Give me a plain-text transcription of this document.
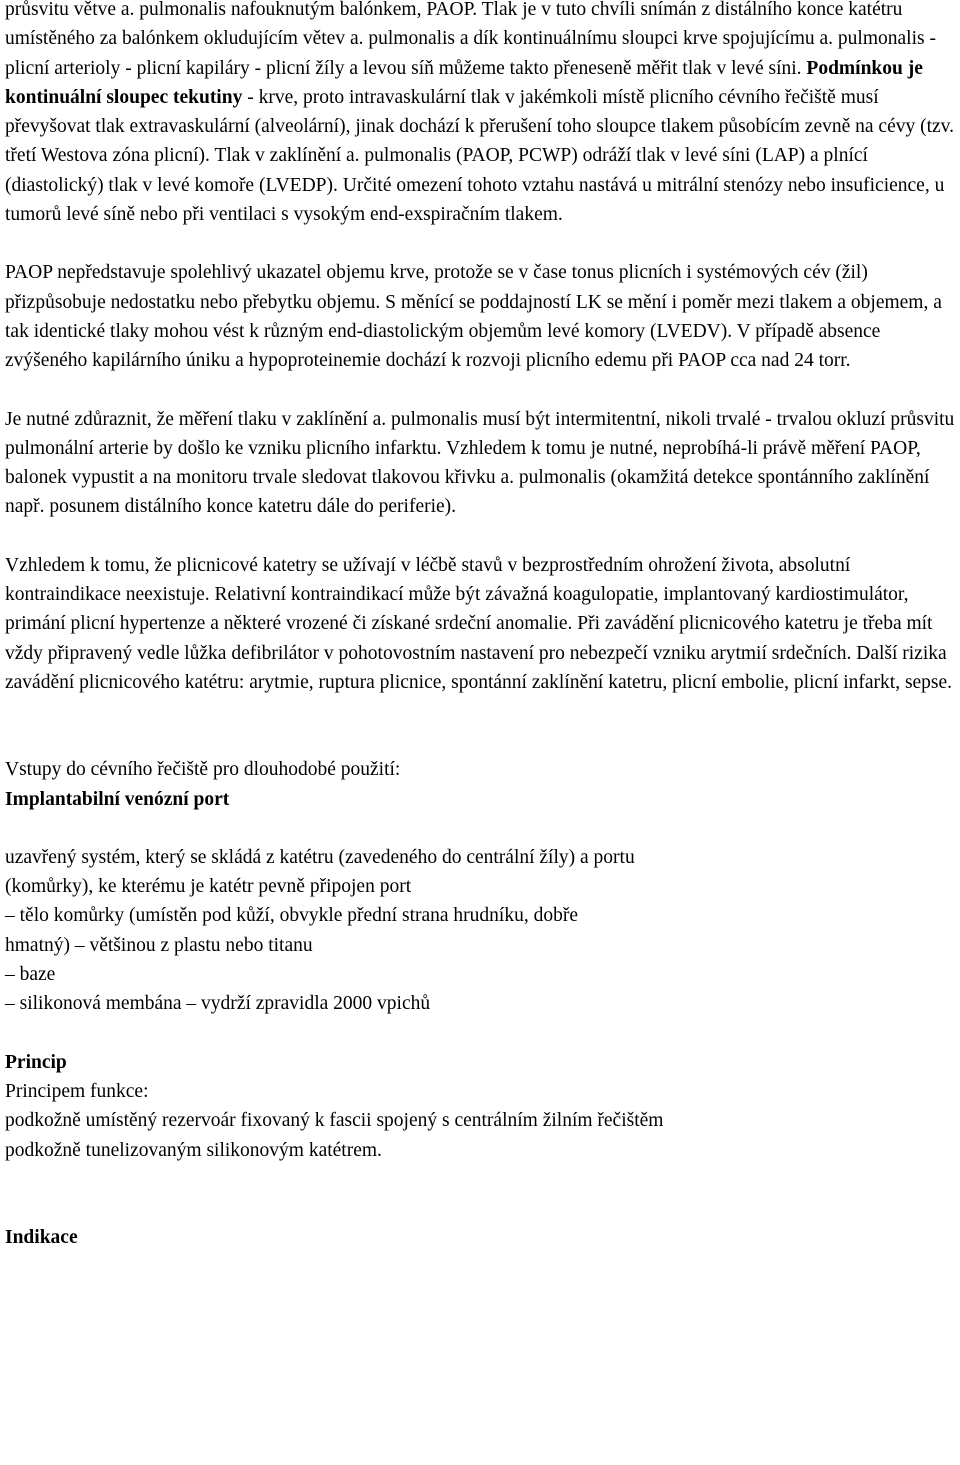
průsvitu větve a. pulmonalis nafouknutým balónkem, PAOP. Tlak je v tuto chvíli snímán z distálního konce katétru umístěného za balónkem okludujícím větev a. pulmonalis a dík kontinuálnímu sloupci krve spojujícímu a. pulmonalis - plicní arterioly - plicní kapiláry - plicní žíly a levou síň můžeme takto přeneseně měřit tlak v levé síni. Podmínkou je kontinuální sloupec tekutiny - krve, proto intravaskulární tlak v jakémkoli místě plicního cévního řečiště musí převyšovat tlak extravaskulární (alveolární), jinak dochází k přerušení toho sloupce tlakem působícím zevně na cévy (tzv. třetí Westova zóna plicní). Tlak v zaklínění a. pulmonalis (PAOP, PCWP) odráží tlak v levé síni (LAP) a plnící (diastolický) tlak v levé komoře (LVEDP). Určité omezení tohoto vztahu nastává u mitrální stenózy nebo insuficience, u tumorů levé síně nebo při ventilaci s vysokým end-exspiračním tlakem.

PAOP nepředstavuje spolehlivý ukazatel objemu krve, protože se v čase tonus plicních i systémových cév (žil) přizpůsobuje nedostatku nebo přebytku objemu. S měnící se poddajností LK se mění i poměr mezi tlakem a objemem, a tak identické tlaky mohou vést k různým end-diastolickým objemům levé komory (LVEDV). V případě absence zvýšeného kapilárního úniku a hypoproteinemie dochází k rozvoji plicního edemu při PAOP cca nad 24 torr.

Je nutné zdůraznit, že měření tlaku v zaklínění a. pulmonalis musí být intermitentní, nikoli trvalé - trvalou okluzí průsvitu pulmonální arterie by došlo ke vzniku plicního infarktu. Vzhledem k tomu je nutné, neprobíhá-li právě měření PAOP, balonek vypustit a na monitoru trvale sledovat tlakovou křivku a. pulmonalis (okamžitá detekce spontánního zaklínění např. posunem distálního konce katetru dále do periferie).

Vzhledem k tomu, že plicnicové katetry se užívají v léčbě stavů v bezprostředním ohrožení života, absolutní kontraindikace neexistuje. Relativní kontraindikací může být závažná koagulopatie, implantovaný kardiostimulátor, primání plicní hypertenze a některé vrozené či získané srdeční anomalie. Při zavádění plicnicového katetru je třeba mít vždy připravený vedle lůžka defibrilátor v pohotovostním nastavení pro nebezpečí vzniku arytmií srdečních. Další rizika zavádění plicnicového katétru: arytmie, ruptura plicnice, spontánní zaklínění katetru, plicní embolie, plicní infarkt, sepse.

Vstupy do cévního řečiště pro dlouhodobé použití:

Implantabilní venózní port

uzavřený systém, který se skládá z katétru (zavedeného do centrální žíly) a portu
(komůrky), ke kterému je katétr pevně připojen port
– tělo komůrky (umístěn pod kůží, obvykle přední strana hrudníku, dobře
hmatný) – většinou z plastu nebo titanu
– baze
– silikonová membána – vydrží zpravidla 2000 vpichů

Princip

Principem funkce:

podkožně umístěný rezervoár fixovaný k fascii spojený s centrálním žilním řečištěm
podkožně tunelizovaným silikonovým katétrem.

Indikace
